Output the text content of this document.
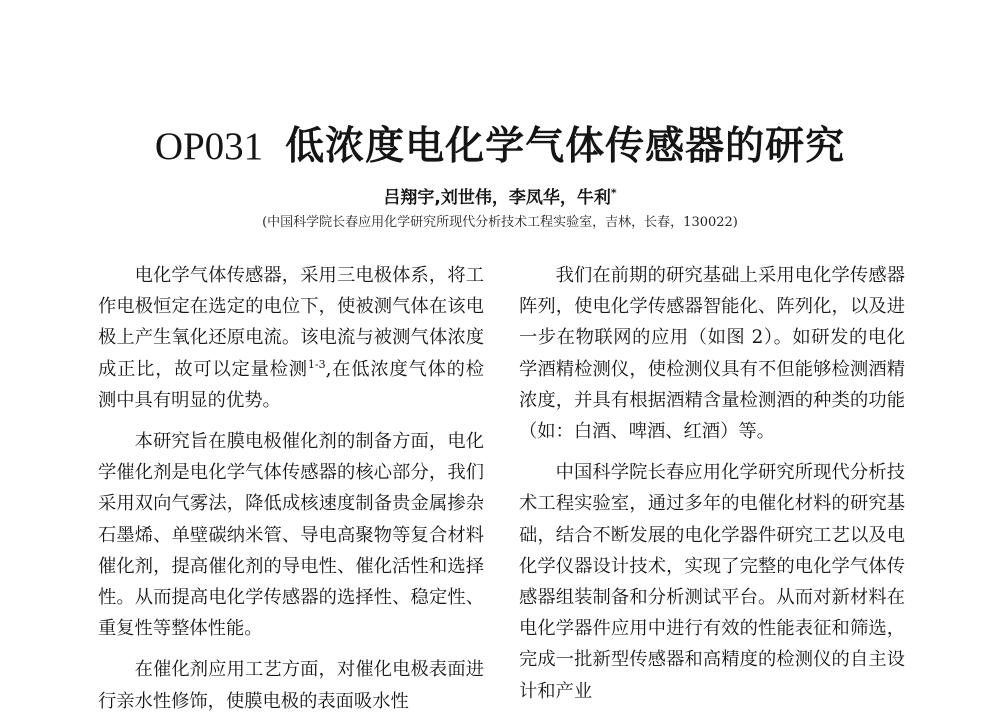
OP031 低浓度电化学气体传感器的研究
吕翔宇,刘世伟，李凤华，牛利*
(中国科学院长春应用化学研究所现代分析技术工程实验室，吉林，长春，130022)

电化学气体传感器，采用三电极体系，将工作电极恒定在选定的电位下，使被测气体在该电极上产生氧化还原电流。该电流与被测气体浓度成正比，故可以定量检测$^{1-3}$,在低浓度气体的检测中具有明显的优势。

本研究旨在膜电极催化剂的制备方面，电化学催化剂是电化学气体传感器的核心部分，我们采用双向气雾法，降低成核速度制备贵金属掺杂石墨烯、单壁碳纳米管、导电高聚物等复合材料催化剂，提高催化剂的导电性、催化活性和选择性。从而提高电化学传感器的选择性、稳定性、重复性等整体性能。

在催化剂应用工艺方面，对催化电极表面进行亲水性修饰，使膜电极的表面吸水性

我们在前期的研究基础上采用电化学传感器阵列，使电化学传感器智能化、阵列化，以及进一步在物联网的应用（如图 2）。如研发的电化学酒精检测仪，使检测仪具有不但能够检测酒精浓度，并具有根据酒精含量检测酒的种类的功能（如：白酒、啤酒、红酒）等。

中国科学院长春应用化学研究所现代分析技术工程实验室，通过多年的电催化材料的研究基础，结合不断发展的电化学器件研究工艺以及电化学仪器设计技术，实现了完整的电化学气体传感器组装制备和分析测试平台。从而对新材料在电化学器件应用中进行有效的性能表征和筛选，完成一批新型传感器和高精度的检测仪的自主设计和产业
